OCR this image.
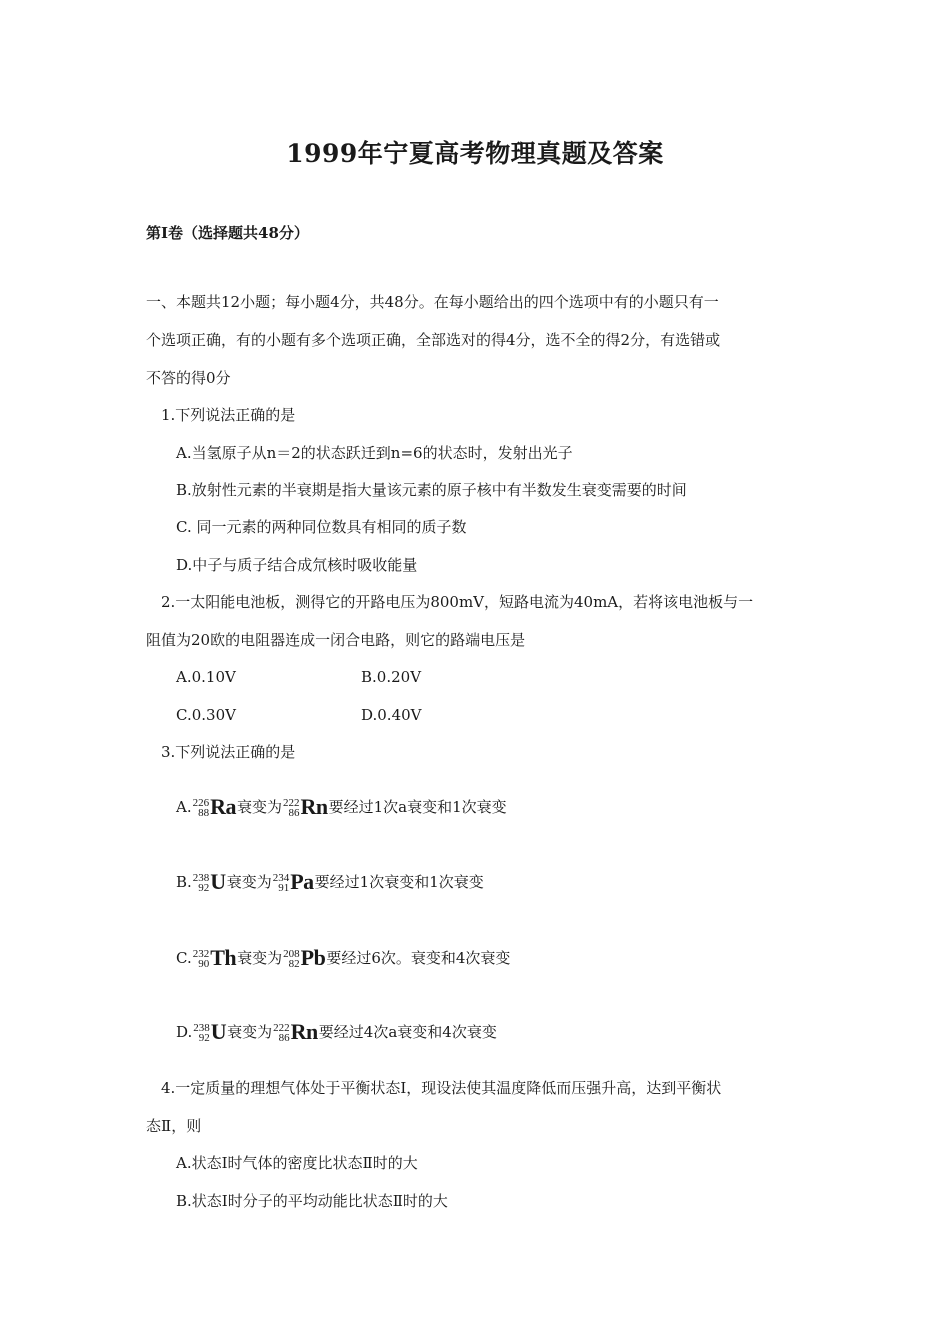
1999年宁夏高考物理真题及答案
第Ⅰ卷（选择题共48分）
一、本题共12小题；每小题4分，共48分。在每小题给出的四个选项中有的小题只有一
个选项正确，有的小题有多个选项正确，全部选对的得4分，选不全的得2分，有选错或
不答的得0分
1.下列说法正确的是
A.当氢原子从n＝2的状态跃迁到n=6的状态时，发射出光子
B.放射性元素的半衰期是指大量该元素的原子核中有半数发生衰变需要的时间
C. 同一元素的两种同位数具有相同的质子数
D.中子与质子结合成氘核时吸收能量
2.一太阳能电池板，测得它的开路电压为800mV，短路电流为40mA，若将该电池板与一
阻值为20欧的电阻器连成一闭合电路，则它的路端电压是
A.0.10V	B.0.20V
C.0.30V	D.0.40V
3.下列说法正确的是
A. 226
88 Ra衰变为 222
86 Rn要经过1次a衰变和1次衰变
B. 238
92 U衰变为 234
91 Pa要经过1次衰变和1次衰变
C. 232
90 Th衰变为 208
82 Pb要经过6次。衰变和4次衰变
D. 238
92 U衰变为 222
86 Rn要经过4次a衰变和4次衰变
4.一定质量的理想气体处于平衡状态Ⅰ，现设法使其温度降低而压强升高，达到平衡状
态Ⅱ，则
A.状态Ⅰ时气体的密度比状态Ⅱ时的大
B.状态Ⅰ时分子的平均动能比状态Ⅱ时的大
